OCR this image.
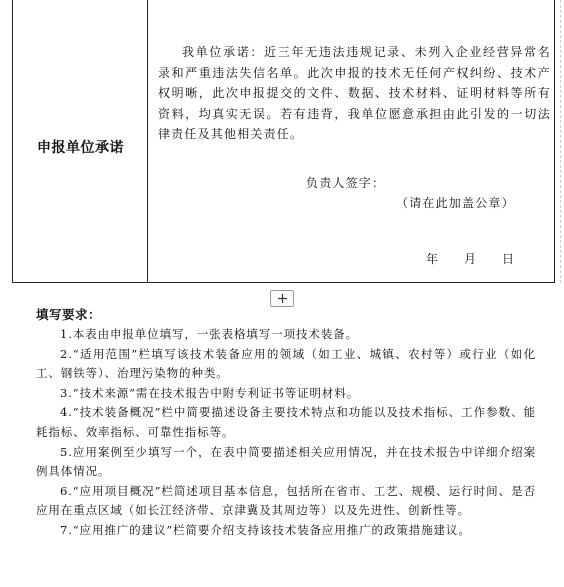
申报单位承诺

我单位承诺：近三年无违法违规记录、未列入企业经营异常名录和严重违法失信名单。此次申报的技术无任何产权纠纷、技术产权明晰，此次申报提交的文件、数据、技术材料、证明材料等所有资料，均真实无误。若有违背，我单位愿意承担由此引发的一切法律责任及其他相关责任。

负责人签字：
（请在此加盖公章）
年 月 日
填写要求：
1.本表由申报单位填写，一张表格填写一项技术装备。
2.“适用范围”栏填写该技术装备应用的领域（如工业、城镇、农村等）或行业（如化工、钢铁等）、治理污染物的种类。
3.“技术来源”需在技术报告中附专利证书等证明材料。
4.“技术装备概况”栏中简要描述设备主要技术特点和功能以及技术指标、工作参数、能耗指标、效率指标、可靠性指标等。
5.应用案例至少填写一个，在表中简要描述相关应用情况，并在技术报告中详细介绍案例具体情况。
6.“应用项目概况”栏简述项目基本信息，包括所在省市、工艺、规模、运行时间、是否应用在重点区域（如长江经济带、京津冀及其周边等）以及先进性、创新性等。
7.“应用推广的建议”栏简要介绍支持该技术装备应用推广的政策措施建议。
